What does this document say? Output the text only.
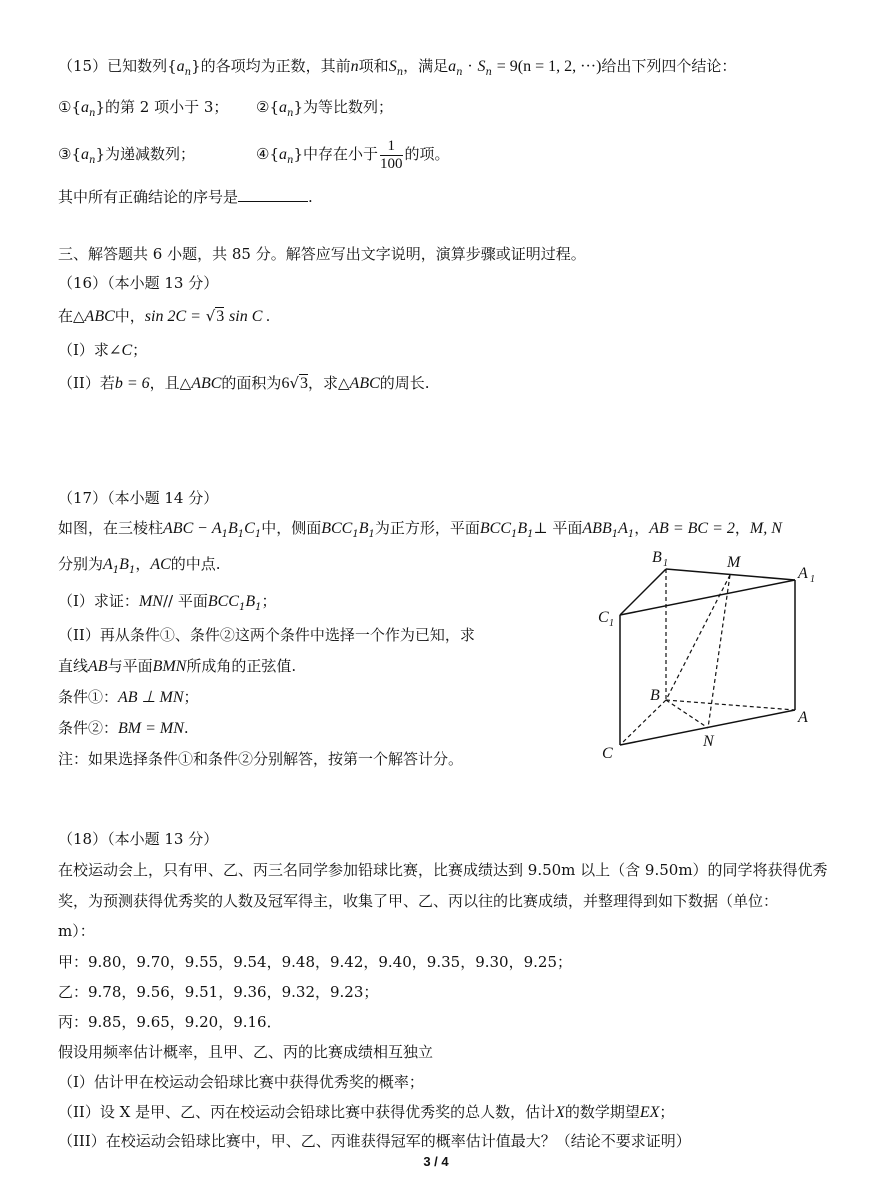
（15）已知数列$\{a_n\}$的各项均为正数，其前n项和$S_n$，满足$a_n \cdot S_n = 9(n = 1$, 2, ···)给出下列四个结论：
$①\{a_n\}$的第 2 项小于 3； $②\{a_n\}$为等比数列；
$③\{a_n\}$为递减数列；	$④\{a_n\}$中存在小于 $\frac{1}{100}$ 的项。
其中所有正确结论的序号是	.
三、解答题共 6 小题，共 85 分。解答应写出文字说明，演算步骤或证明过程。
（16）（本小题 13 分）
在△ABC中，sin 2C = √3 sin C .
（I）求∠C；
（II）若b = 6，且△ABC的面积为6√3，求△ABC的周长.
（17）（本小题 14 分）
如图，在三棱柱ABC − $A_1B_1C_1$中，侧面$BCC_1B_1$为正方形，平面$BCC_1B_1\perp$ 平面$ABB_1A_1$，AB = BC = 2，M, N
分别为$A_1B_1$，AC的中点.
（I）求证：MN// 平面$BCC_1B_1$；
（II）再从条件①、条件②这两个条件中选择一个作为已知，求
直线AB与平面BMN所成角的正弦值.
条件①：AB ⊥ MN；
条件②：BM = MN.
注：如果选择条件①和条件②分别解答，按第一个解答计分。
B 1	M
A 1
C 1
B
A
N
C
（18）（本小题 13 分）
在校运动会上，只有甲、乙、丙三名同学参加铅球比赛，比赛成绩达到 9.50m 以上（含 9.50m）的同学将获得优秀
奖，为预测获得优秀奖的人数及冠军得主，收集了甲、乙、丙以往的比赛成绩，并整理得到如下数据（单位：
m）：
甲：9.80，9.70，9.55，9.54，9.48，9.42，9.40，9.35，9.30，9.25；
乙：9.78，9.56，9.51，9.36，9.32，9.23；
丙：9.85，9.65，9.20，9.16．
假设用频率估计概率，且甲、乙、丙的比赛成绩相互独立
（I）估计甲在校运动会铅球比赛中获得优秀奖的概率；
（II）设 X 是甲、乙、丙在校运动会铅球比赛中获得优秀奖的总人数，估计X的数学期望EX；
（III）在校运动会铅球比赛中，甲、乙、丙谁获得冠军的概率估计值最大？（结论不要求证明）
3 / 4
